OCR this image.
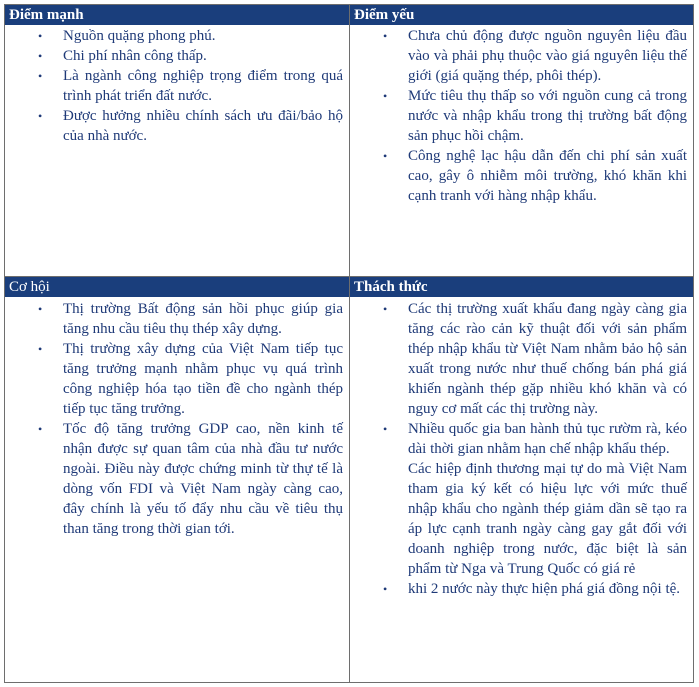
Điểm mạnh
•	Nguồn quặng phong phú.
•	Chi phí nhân công thấp.
•	Là ngành công nghiệp trọng điểm trong quá trình phát triển đất nước.
•	Được hưởng nhiều chính sách ưu đãi/bảo hộ của nhà nước.
Điểm yếu
•	Chưa chủ động được nguồn nguyên liệu đầu vào và phải phụ thuộc vào giá nguyên liệu thế giới (giá quặng thép, phôi thép).
•	Mức tiêu thụ thấp so với nguồn cung cả trong nước và nhập khẩu trong thị trường bất động sản phục hồi chậm.
•	Công nghệ lạc hậu dẫn đến chi phí sản xuất cao, gây ô nhiễm môi trường, khó khăn khi cạnh tranh với hàng nhập khẩu.
Cơ hội
•	Thị trường Bất động sản hồi phục giúp gia tăng nhu cầu tiêu thụ thép xây dựng.
•	Thị trường xây dựng của Việt Nam tiếp tục tăng trưởng mạnh nhằm phục vụ quá trình công nghiệp hóa tạo tiền đề cho ngành thép tiếp tục tăng trưởng.
•	Tốc độ tăng trưởng GDP cao, nền kinh tế nhận được sự quan tâm của nhà đầu tư nước ngoài. Điều này được chứng minh từ thự tế là dòng vốn FDI và Việt Nam ngày càng cao, đây chính là yếu tố đẩy nhu cầu về tiêu thụ than tăng trong thời gian tới.
Thách thức
•	Các thị trường xuất khẩu đang ngày càng gia tăng các rào cản kỹ thuật đối với sản phẩm thép nhập khẩu từ Việt Nam nhằm bảo hộ sản xuất trong nước như thuế chống bán phá giá khiến ngành thép gặp nhiều khó khăn và có nguy cơ mất các thị trường này.
•	Nhiều quốc gia ban hành thủ tục rườm rà, kéo dài thời gian nhằm hạn chế nhập khẩu thép.
Các hiệp định thương mại tự do mà Việt Nam tham gia ký kết có hiệu lực với mức thuế nhập khẩu cho ngành thép giảm dần sẽ tạo ra áp lực cạnh tranh ngày càng gay gắt đối với doanh nghiệp trong nước, đặc biệt là sản phẩm từ Nga và Trung Quốc có giá rẻ
•	khi 2 nước này thực hiện phá giá đồng nội tệ.
